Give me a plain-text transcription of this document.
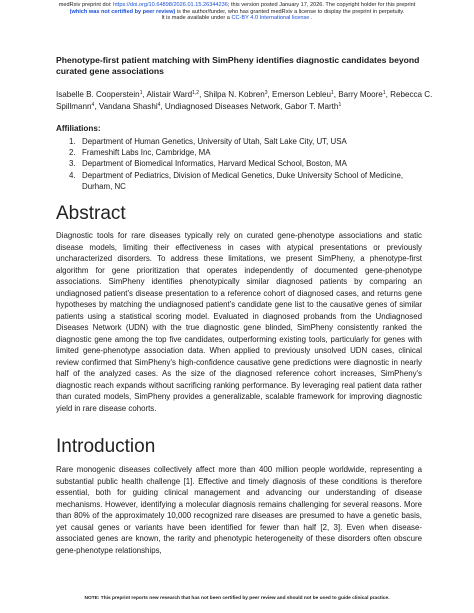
medRxiv preprint doi: https://doi.org/10.64898/2026.01.15.26344236; this version posted January 17, 2026. The copyright holder for this preprint
(which was not certified by peer review) is the author/funder, who has granted medRxiv a license to display the preprint in perpetuity.
It is made available under a CC-BY 4.0 International license .
Phenotype-first patient matching with SimPheny identifies diagnostic candidates beyond curated gene associations
Isabelle B. Cooperstein$^1$, Alistair Ward$^{1,2}$, Shilpa N. Kobren$^3$, Emerson Lebleu$^1$, Barry Moore$^1$, Rebecca C. Spillmann$^4$, Vandana Shashi$^4$, Undiagnosed Diseases Network, Gabor T. Marth$^1$
Affiliations:
1. Department of Human Genetics, University of Utah, Salt Lake City, UT, USA
2. Frameshift Labs Inc, Cambridge, MA
3. Department of Biomedical Informatics, Harvard Medical School, Boston, MA
4. Department of Pediatrics, Division of Medical Genetics, Duke University School of Medicine, Durham, NC
Abstract
Diagnostic tools for rare diseases typically rely on curated gene-phenotype associations and static disease models, limiting their effectiveness in cases with atypical presentations or previously uncharacterized disorders. To address these limitations, we present SimPheny, a phenotype-first algorithm for gene prioritization that operates independently of documented gene-phenotype associations. SimPheny identifies phenotypically similar diagnosed patients by comparing an undiagnosed patient's disease presentation to a reference cohort of diagnosed cases, and returns gene hypotheses by matching the undiagnosed patient's candidate gene list to the causative genes of similar patients using a statistical scoring model. Evaluated in diagnosed probands from the Undiagnosed Diseases Network (UDN) with the true diagnostic gene blinded, SimPheny consistently ranked the diagnostic gene among the top five candidates, outperforming existing tools, particularly for genes with limited gene-phenotype association data. When applied to previously unsolved UDN cases, clinical review confirmed that SimPheny's high-confidence causative gene predictions were diagnostic in nearly half of the analyzed cases. As the size of the diagnosed reference cohort increases, SimPheny's diagnostic reach expands without sacrificing ranking performance. By leveraging real patient data rather than curated models, SimPheny provides a generalizable, scalable framework for improving diagnostic yield in rare disease cohorts.
Introduction
Rare monogenic diseases collectively affect more than 400 million people worldwide, representing a substantial public health challenge [1]. Effective and timely diagnosis of these conditions is therefore essential, both for guiding clinical management and advancing our understanding of disease mechanisms. However, identifying a molecular diagnosis remains challenging for several reasons. More than 80% of the approximately 10,000 recognized rare diseases are presumed to have a genetic basis, yet causal genes or variants have been identified for fewer than half [2, 3]. Even when disease-associated genes are known, the rarity and phenotypic heterogeneity of these disorders often obscure gene-phenotype relationships,
NOTE: This preprint reports new research that has not been certified by peer review and should not be used to guide clinical practice.
